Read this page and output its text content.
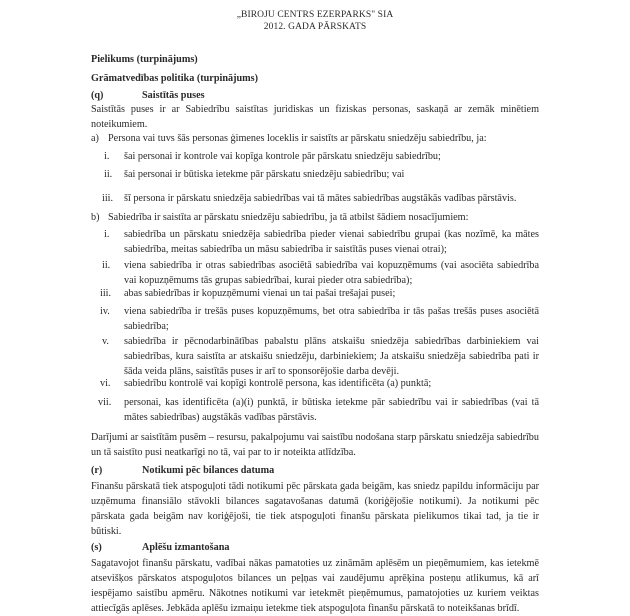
„BIROJU CENTRS EZERPARKS" SIA
2012. GADA PĀRSKATS
Pielikums (turpinājums)
Grāmatvedības politika (turpinājums)
(q)	Saistītās puses
Saistītās puses ir ar Sabiedrību saistītas juridiskas un fiziskas personas, saskaņā ar zemāk minētiem noteikumiem.
a) Persona vai tuvs šās personas ģimenes loceklis ir saistīts ar pārskatu sniedzēju sabiedrību, ja:
i. šai personai ir kontrole vai kopīga kontrole pār pārskatu sniedzēju sabiedrību;
ii. šai personai ir būtiska ietekme pār pārskatu sniedzēju sabiedrību; vai
iii. šī persona ir pārskatu sniedzēja sabiedrības vai tā mātes sabiedrības augstākās vadības pārstāvis.
b) Sabiedrība ir saistīta ar pārskatu sniedzēju sabiedrību, ja tā atbilst šādiem nosacījumiem:
i. sabiedrība un pārskatu sniedzēja sabiedrība pieder vienai sabiedrību grupai (kas nozīmē, ka mātes sabiedrība, meitas sabiedrība un māsu sabiedrība ir saistītās puses vienai otrai);
ii. viena sabiedrība ir otras sabiedrības asociētā sabiedrība vai kopuzņēmums (vai asociēta sabiedrība vai kopuzņēmums tās grupas sabiedrībai, kurai pieder otra sabiedrība);
iii. abas sabiedrības ir kopuzņēmumi vienai un tai pašai trešajai pusei;
iv. viena sabiedrība ir trešās puses kopuzņēmums, bet otra sabiedrība ir tās pašas trešās puses asociētā sabiedrība;
v. sabiedrība ir pēcnodarbinātības pabalstu plāns atskaišu sniedzēja sabiedrības darbiniekiem vai sabiedrības, kura saistīta ar atskaišu sniedzēju, darbiniekiem; Ja atskaišu sniedzēja sabiedrība pati ir šāda veida plāns, saistītās puses ir arī to sponsorējošie darba devēji.
vi. sabiedrību kontrolē vai kopīgi kontrolē persona, kas identificēta (a) punktā;
vii. personai, kas identificēta (a)(i) punktā, ir būtiska ietekme pār sabiedrību vai ir sabiedrības (vai tā mātes sabiedrības) augstākās vadības pārstāvis.
Darījumi ar saistītām pusēm – resursu, pakalpojumu vai saistību nodošana starp pārskatu sniedzēja sabiedrību un tā saistīto pusi neatkarīgi no tā, vai par to ir noteikta atlīdzība.
(r)	Notikumi pēc bilances datuma
Finanšu pārskatā tiek atspoguļoti tādi notikumi pēc pārskata gada beigām, kas sniedz papildu informāciju par uzņēmuma finansiālo stāvokli bilances sagatavošanas datumā (koriģējošie notikumi). Ja notikumi pēc pārskata gada beigām nav koriģējoši, tie tiek atspoguļoti finanšu pārskata pielikumos tikai tad, ja tie ir būtiski.
(s)	Aplēšu izmantošana
Sagatavojot finanšu pārskatu, vadībai nākas pamatoties uz zināmām aplēsēm un pieņēmumiem, kas ietekmē atsevišķos pārskatos atspoguļotos bilances un peļņas vai zaudējumu aprēķina posteņu atlikumus, kā arī iespējamo saistību apmēru. Nākotnes notikumi var ietekmēt pieņēmumus, pamatojoties uz kuriem veiktas attiecīgās aplēses. Jebkāda aplēšu izmaiņu ietekme tiek atspoguļota finanšu pārskatā to noteikšanas brīdī.
